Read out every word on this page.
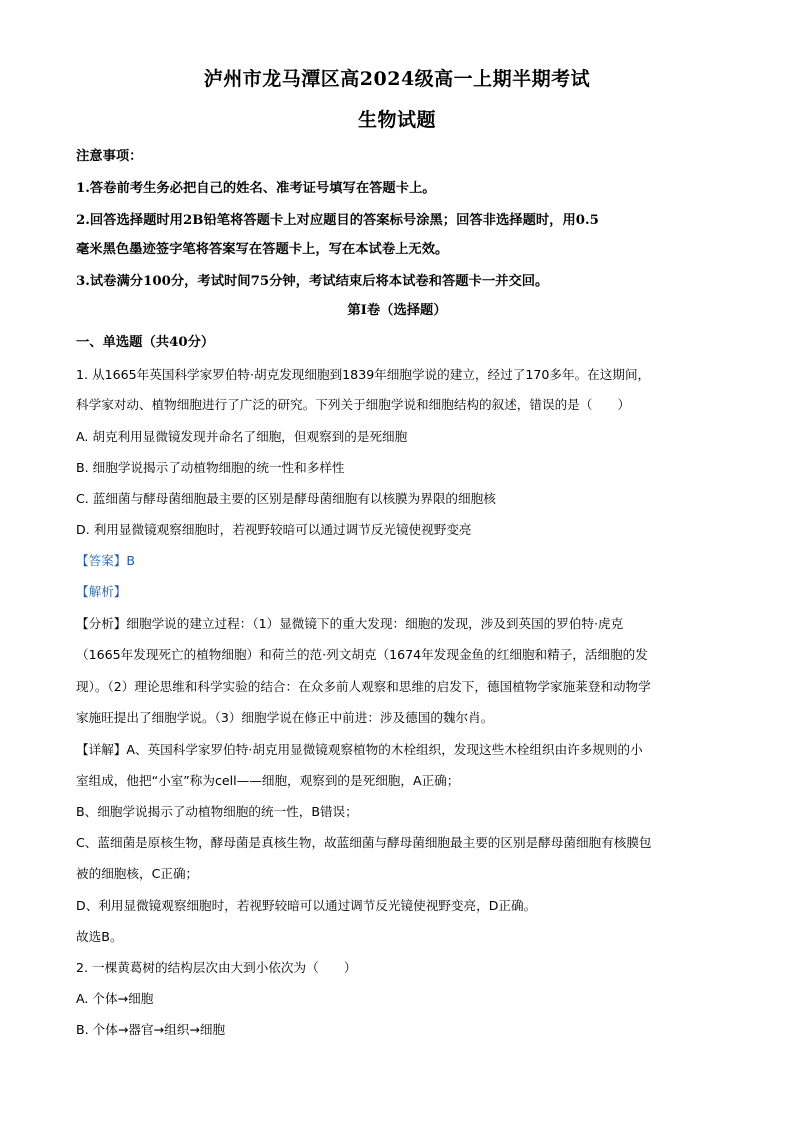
泸州市龙马潭区高2024级高一上期半期考试
生物试题
注意事项：
1.答卷前考生务必把自己的姓名、准考证号填写在答题卡上。
2.回答选择题时用2B铅笔将答题卡上对应题目的答案标号涂黑；回答非选择题时，用0.5
毫米黑色墨迹签字笔将答案写在答题卡上，写在本试卷上无效。
3.试卷满分100分，考试时间75分钟，考试结束后将本试卷和答题卡一并交回。
第I卷（选择题）
一、单选题（共40分）
1. 从1665年英国科学家罗伯特·胡克发现细胞到1839年细胞学说的建立，经过了170多年。在这期间，
科学家对动、植物细胞进行了广泛的研究。下列关于细胞学说和细胞结构的叙述，错误的是（　　）
A. 胡克利用显微镜发现并命名了细胞，但观察到的是死细胞
B. 细胞学说揭示了动植物细胞的统一性和多样性
C. 蓝细菌与酵母菌细胞最主要的区别是酵母菌细胞有以核膜为界限的细胞核
D. 利用显微镜观察细胞时，若视野较暗可以通过调节反光镜使视野变亮
【答案】B
【解析】
【分析】细胞学说的建立过程：（1）显微镜下的重大发现：细胞的发现，涉及到英国的罗伯特·虎克
（1665年发现死亡的植物细胞）和荷兰的范·列文胡克（1674年发现金鱼的红细胞和精子，活细胞的发
现）。（2）理论思维和科学实验的结合：在众多前人观察和思维的启发下，德国植物学家施莱登和动物学
家施旺提出了细胞学说。（3）细胞学说在修正中前进：涉及德国的魏尔肖。
【详解】A、英国科学家罗伯特·胡克用显微镜观察植物的木栓组织，发现这些木栓组织由许多规则的小
室组成，他把“小室”称为cell——细胞，观察到的是死细胞，A正确；
B、细胞学说揭示了动植物细胞的统一性，B错误；
C、蓝细菌是原核生物，酵母菌是真核生物，故蓝细菌与酵母菌细胞最主要的区别是酵母菌细胞有核膜包
被的细胞核，C正确；
D、利用显微镜观察细胞时，若视野较暗可以通过调节反光镜使视野变亮，D正确。
故选B。
2. 一棵黄葛树的结构层次由大到小依次为（　　）
A. 个体→细胞
B. 个体→器官→组织→细胞
